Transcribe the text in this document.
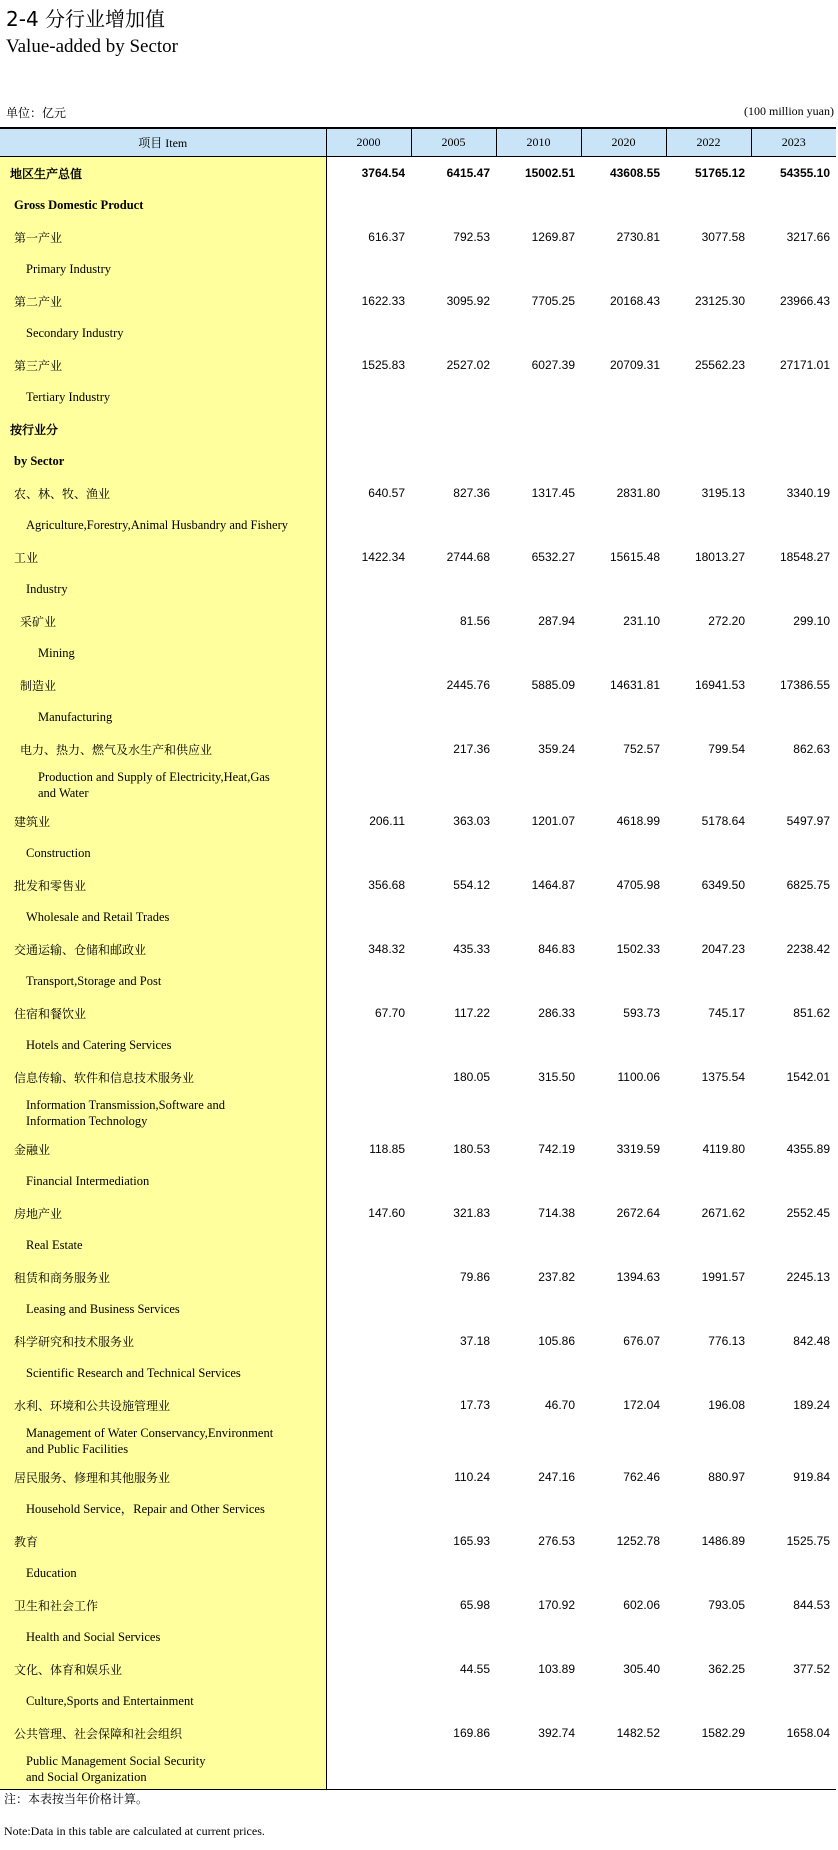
2-4 分行业增加值
Value-added by Sector
单位：亿元	(100 million yuan)
项目 Item	2000	2005	2010	2020	2022	2023

地区生产总值	3764.54	6415.47	15002.51	43608.55	51765.12	54355.10

Gross Domestic Product						

第一产业	616.37	792.53	1269.87	2730.81	3077.58	3217.66

Primary Industry						

第二产业	1622.33	3095.92	7705.25	20168.43	23125.30	23966.43

Secondary Industry						

第三产业	1525.83	2527.02	6027.39	20709.31	25562.23	27171.01

Tertiary Industry						

按行业分						

by Sector						

农、林、牧、渔业	640.57	827.36	1317.45	2831.80	3195.13	3340.19

Agriculture,Forestry,Animal Husbandry and Fishery						

工业	1422.34	2744.68	6532.27	15615.48	18013.27	18548.27

Industry						

采矿业		81.56	287.94	231.10	272.20	299.10

Mining						

制造业		2445.76	5885.09	14631.81	16941.53	17386.55

Manufacturing						

电力、热力、燃气及水生产和供应业		217.36	359.24	752.57	799.54	862.63

Production and Supply of Electricity,Heat,Gas
and Water						

建筑业	206.11	363.03	1201.07	4618.99	5178.64	5497.97

Construction						

批发和零售业	356.68	554.12	1464.87	4705.98	6349.50	6825.75

Wholesale and Retail Trades						

交通运输、仓储和邮政业	348.32	435.33	846.83	1502.33	2047.23	2238.42

Transport,Storage and Post						

住宿和餐饮业	67.70	117.22	286.33	593.73	745.17	851.62

Hotels and Catering Services						

信息传输、软件和信息技术服务业		180.05	315.50	1100.06	1375.54	1542.01

Information Transmission,Software and
Information Technology						

金融业	118.85	180.53	742.19	3319.59	4119.80	4355.89

Financial Intermediation						

房地产业	147.60	321.83	714.38	2672.64	2671.62	2552.45

Real Estate						

租赁和商务服务业		79.86	237.82	1394.63	1991.57	2245.13

Leasing and Business Services						

科学研究和技术服务业		37.18	105.86	676.07	776.13	842.48

Scientific Research and Technical Services						

水利、环境和公共设施管理业		17.73	46.70	172.04	196.08	189.24

Management of Water Conservancy,Environment
and Public Facilities						

居民服务、修理和其他服务业		110.24	247.16	762.46	880.97	919.84

Household Service，Repair and Other Services						

教育		165.93	276.53	1252.78	1486.89	1525.75

Education						

卫生和社会工作		65.98	170.92	602.06	793.05	844.53

Health and Social Services						

文化、体育和娱乐业		44.55	103.89	305.40	362.25	377.52

Culture,Sports and Entertainment						

公共管理、社会保障和社会组织		169.86	392.74	1482.52	1582.29	1658.04

Public Management Social Security
and Social Organization						

注：本表按当年价格计算。
Note:Data in this table are calculated at current prices.
